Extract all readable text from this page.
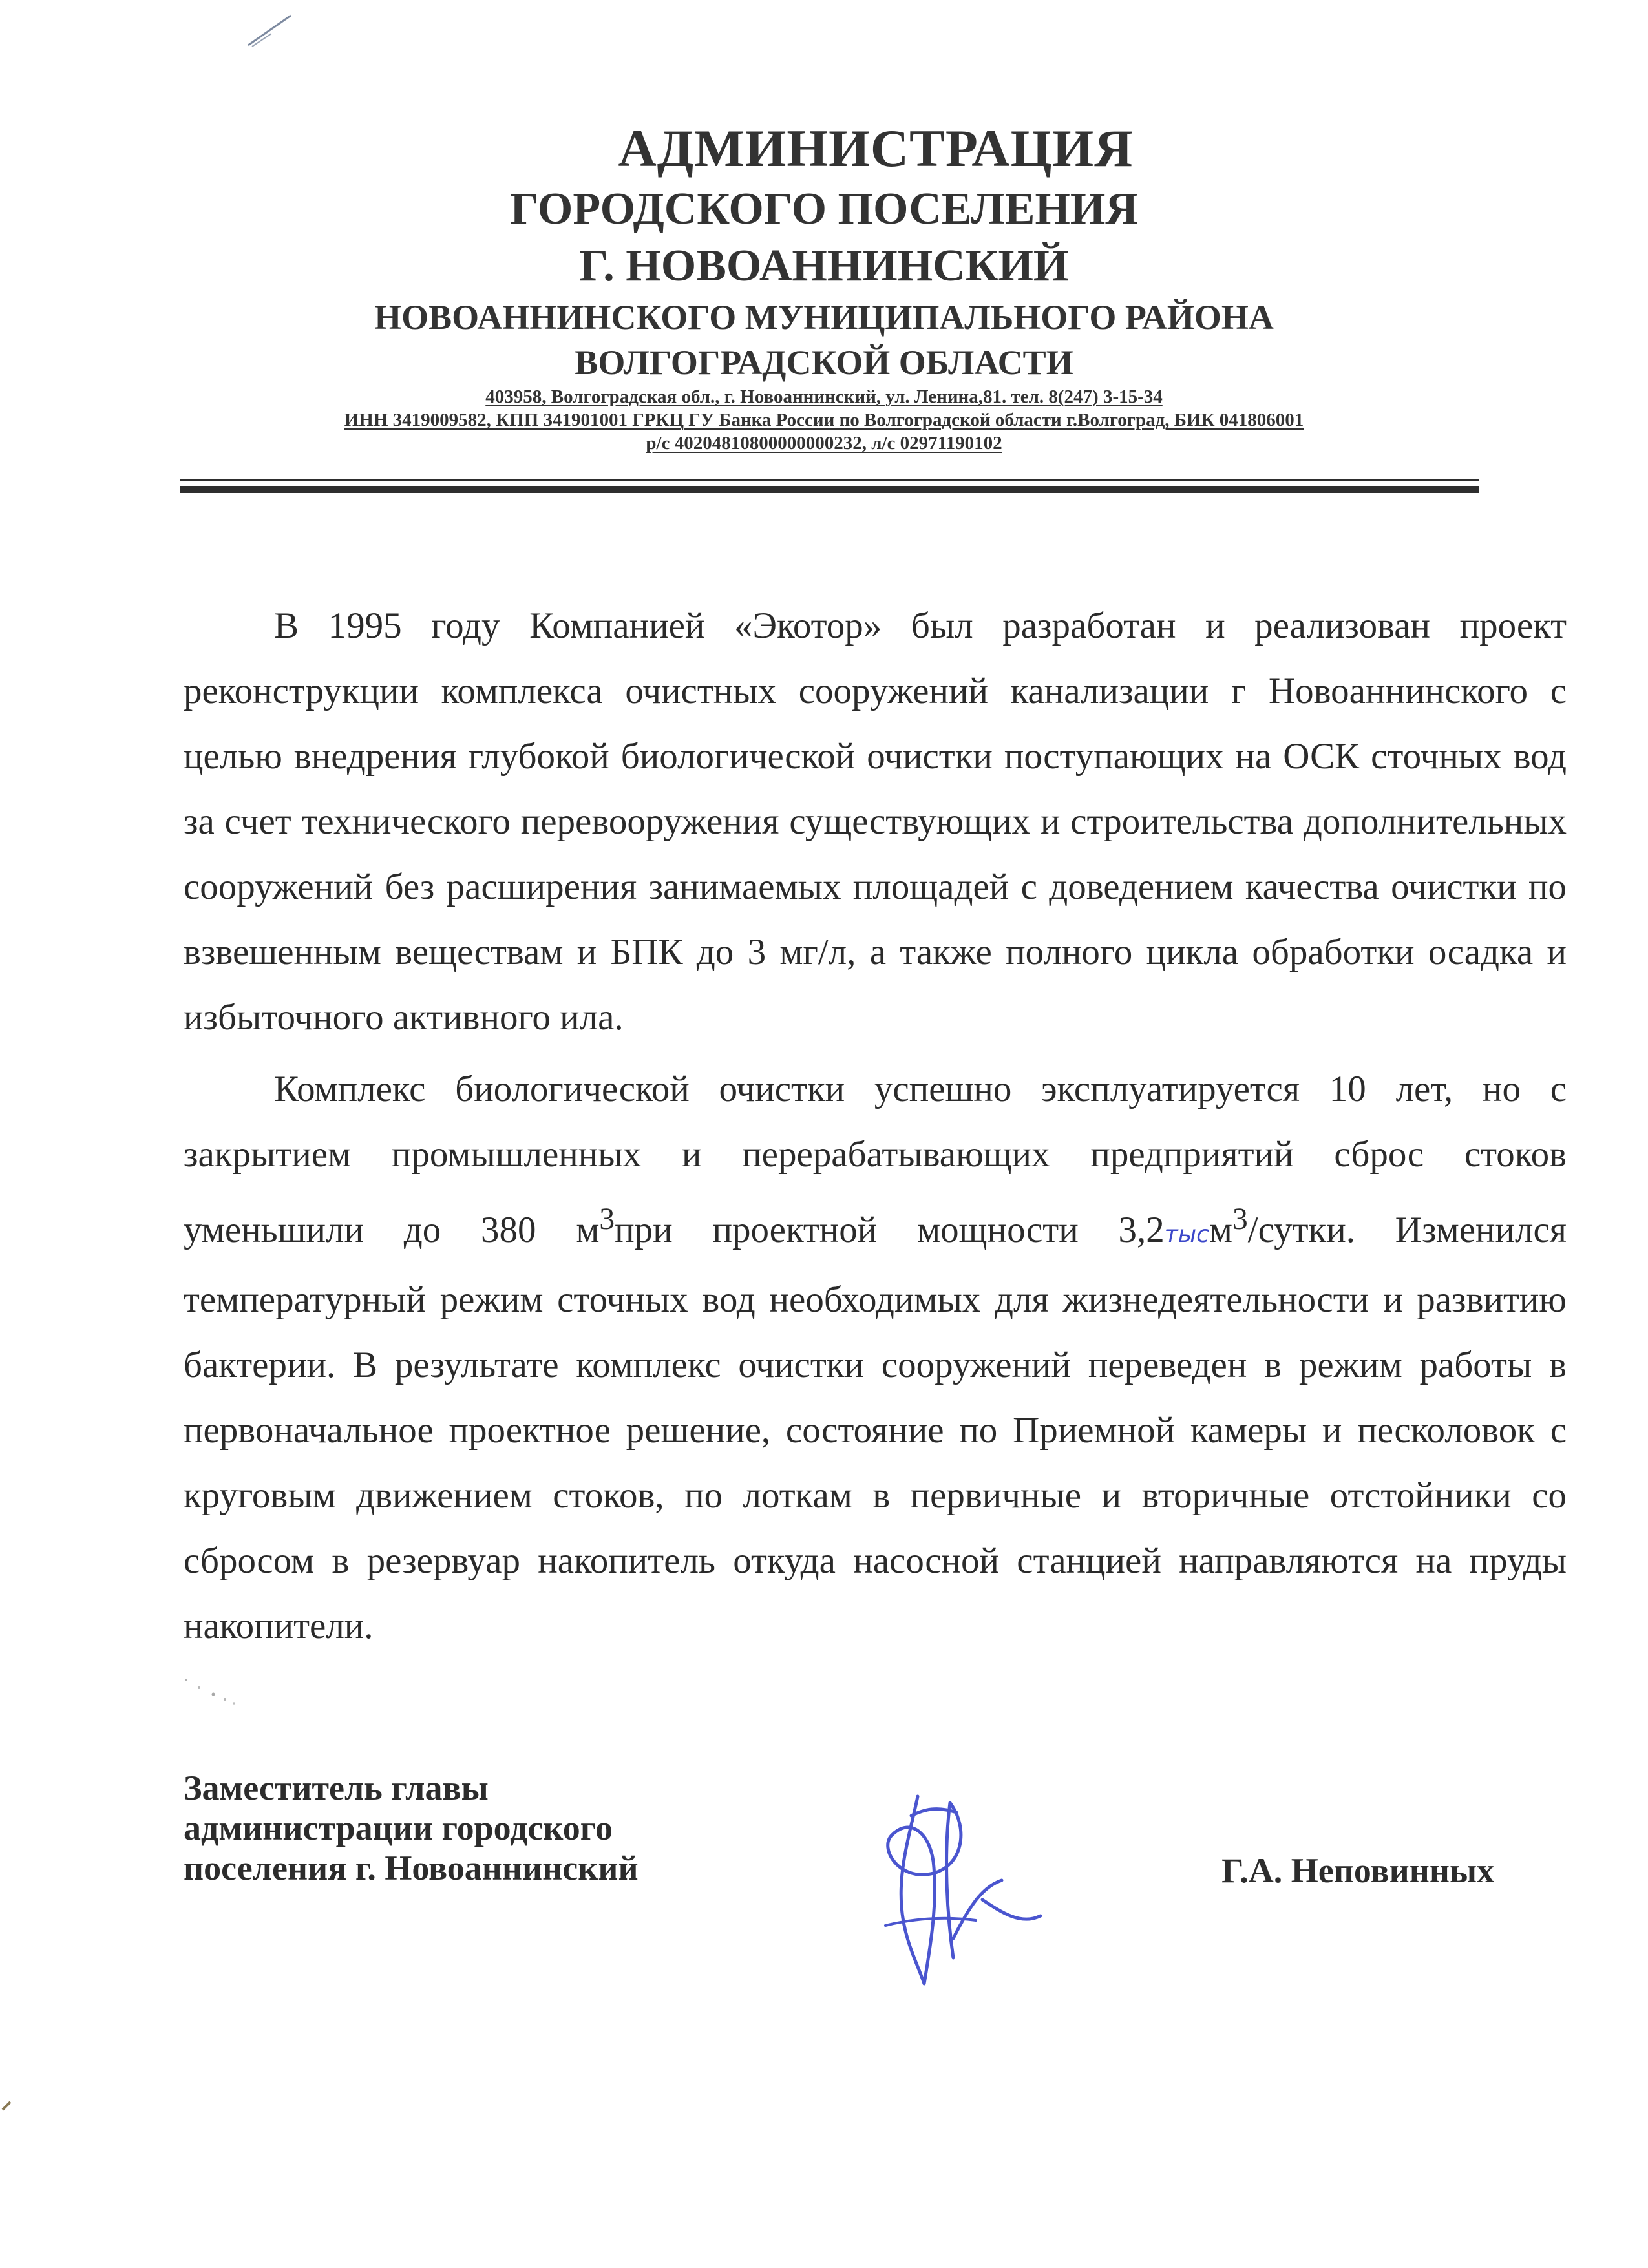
АДМИНИСТРАЦИЯ
ГОРОДСКОГО ПОСЕЛЕНИЯ
Г. НОВОАННИНСКИЙ
НОВОАННИНСКОГО МУНИЦИПАЛЬНОГО РАЙОНА
ВОЛГОГРАДСКОЙ ОБЛАСТИ
403958, Волгоградская обл., г. Новоаннинский, ул. Ленина,81. тел. 8(247) 3-15-34
ИНН 3419009582, КПП 341901001 ГРКЦ ГУ Банка России по Волгоградской области г.Волгоград, БИК 041806001
р/с 40204810800000000232, л/с 02971190102

В 1995 году Компанией «Экотор» был разработан и реализован проект реконструкции комплекса очистных сооружений канализации г Новоаннинского с целью внедрения глубокой биологической очистки поступающих на ОСК сточных вод за счет технического перевооружения существующих и строительства дополнительных сооружений без расширения занимаемых площадей с доведением качества очистки по взвешенным веществам и БПК до 3 мг/л, а также полного цикла обработки осадка и избыточного активного ила.

Комплекс биологической очистки успешно эксплуатируется 10 лет, но с закрытием промышленных и перерабатывающих предприятий сброс стоков уменьшили до 380 $м^3при$ проектной мощности 3,2тысм$^3$/сутки. Изменился температурный режим сточных вод необходимых для жизнедеятельности и развитию бактерии. В результате комплекс очистки сооружений переведен в режим работы в первоначальное проектное решение, состояние по Приемной камеры и песколовок с круговым движением стоков, по лоткам в первичные и вторичные отстойники со сбросом в резервуар накопитель откуда насосной станцией направляются на пруды накопители.

Заместитель главы
администрации городского
поселения г. Новоаннинский	Г.А. Неповинных
